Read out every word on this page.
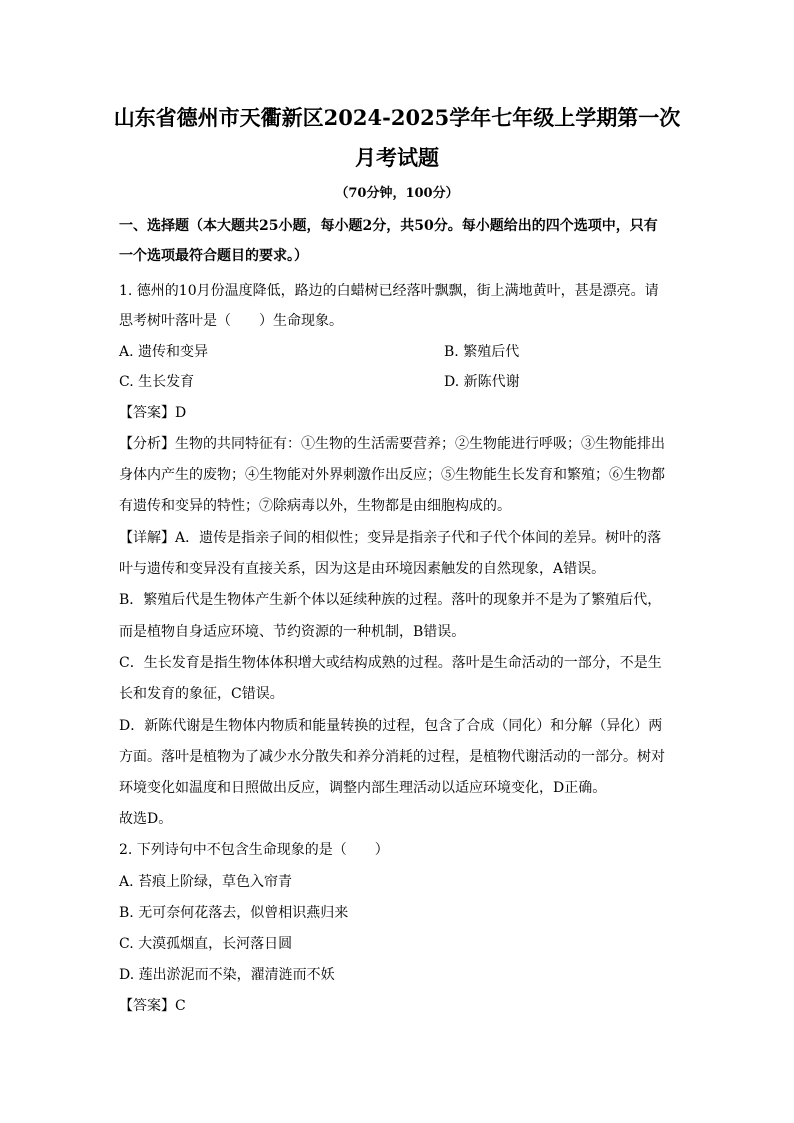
山东省德州市天衢新区2024-2025学年七年级上学期第一次
月考试题
（70分钟，100分）
一、选择题（本大题共25小题，每小题2分，共50分。每小题给出的四个选项中，只有
一个选项最符合题目的要求。）
1. 德州的10月份温度降低，路边的白蜡树已经落叶飘飘，街上满地黄叶，甚是漂亮。请
思考树叶落叶是（　　）生命现象。
A. 遗传和变异	B. 繁殖后代
C. 生长发育	D. 新陈代谢
【答案】D
【分析】生物的共同特征有：①生物的生活需要营养；②生物能进行呼吸；③生物能排出
身体内产生的废物；④生物能对外界刺激作出反应；⑤生物能生长发育和繁殖；⑥生物都
有遗传和变异的特性；⑦除病毒以外，生物都是由细胞构成的。
【详解】A．遗传是指亲子间的相似性；变异是指亲子代和子代个体间的差异。树叶的落
叶与遗传和变异没有直接关系，因为这是由环境因素触发的自然现象，A错误。
B．繁殖后代是生物体产生新个体以延续种族的过程。落叶的现象并不是为了繁殖后代，
而是植物自身适应环境、节约资源的一种机制，B错误。
C．生长发育是指生物体体积增大或结构成熟的过程。落叶是生命活动的一部分，不是生
长和发育的象征，C错误。
D．新陈代谢是生物体内物质和能量转换的过程，包含了合成（同化）和分解（异化）两
方面。落叶是植物为了减少水分散失和养分消耗的过程，是植物代谢活动的一部分。树对
环境变化如温度和日照做出反应，调整内部生理活动以适应环境变化，D正确。
故选D。
2. 下列诗句中不包含生命现象的是（　　）
A. 苔痕上阶绿，草色入帘青
B. 无可奈何花落去，似曾相识燕归来
C. 大漠孤烟直，长河落日圆
D. 莲出淤泥而不染，濯清涟而不妖
【答案】C
